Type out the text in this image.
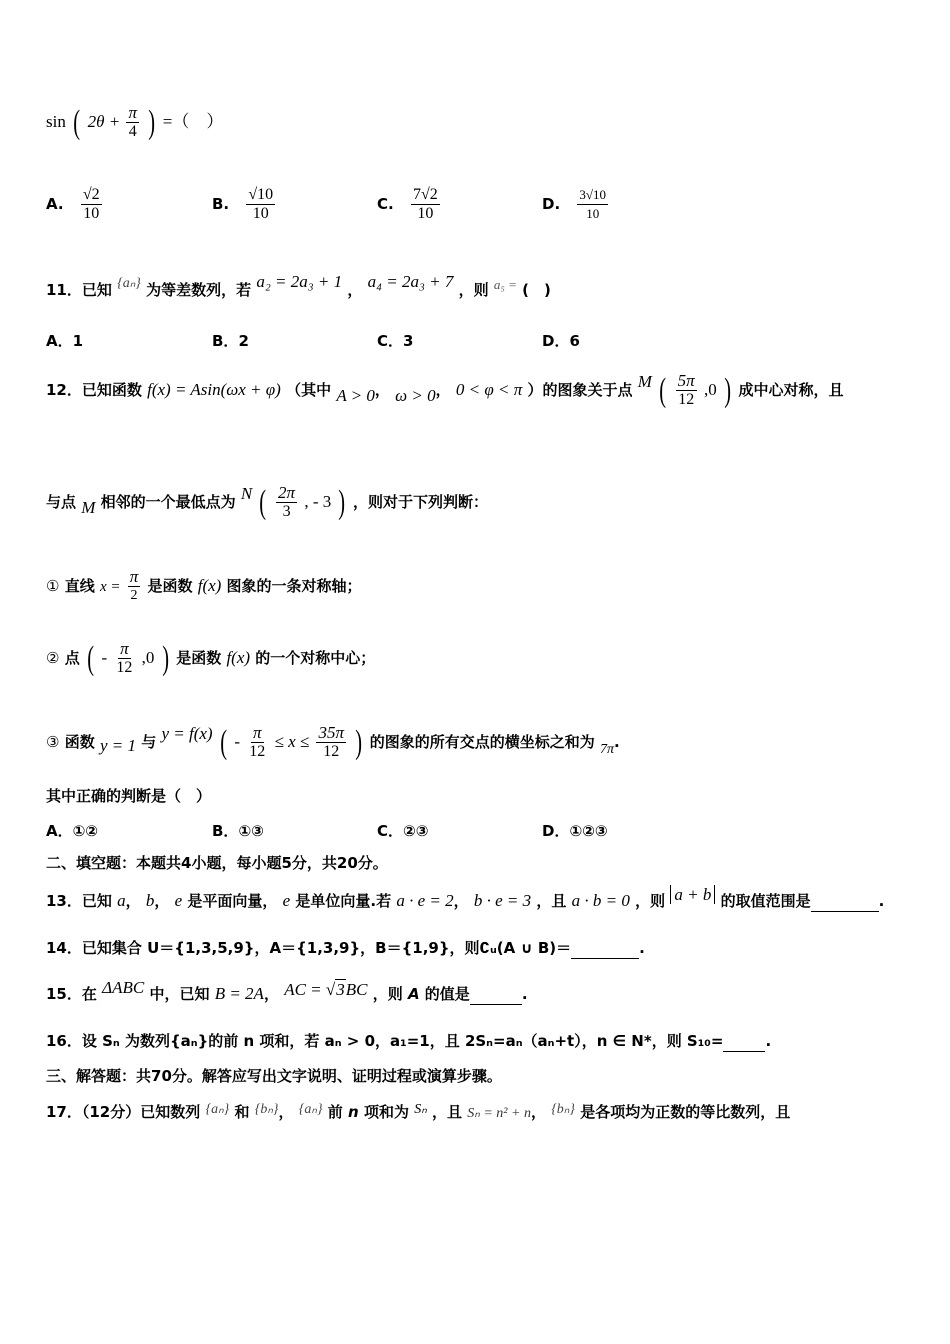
sin ( $2\theta + \frac{\pi}{4}$ ) =（　）
A. $\frac{√2}{10}$	B. $\frac{√10}{10}$	C. $\frac{7√2}{10}$	D. $\frac{3√10}{10}$
11．已知 {aₙ} 为等差数列，若 a₂ = 2a₃ + 1 ， a₄ = 2a₃ + 7 ，则 a₅ = (　)
A．1	B．2	C．3	D．6
12．已知函数 f(x) = Asin(ωx + φ) （其中 A > 0， ω > 0， 0 < φ < π ）的图象关于点 M ( $\frac{5\pi}{12} ,0$ ) 成中心对称，且
与点 M 相邻的一个最低点为 N ( $\frac{2\pi}{3}$ , - 3 ) ，则对于下列判断：
① 直线 $x = \frac{\pi}{2}$ 是函数 f(x) 图象的一条对称轴；
② 点 ( - $\frac{\pi}{12} ,0$ ) 是函数 f(x) 的一个对称中心；
③ 函数 y = 1 与 y = f(x) ( - $\frac{\pi}{12} \le x \le \frac{35\pi}{12}$ ) 的图象的所有交点的横坐标之和为 7π.
其中正确的判断是（　）
A．①②	B．①③	C．②③	D．①②③
二、填空题：本题共4小题，每小题5分，共20分。
13．已知 a， b， e 是平面向量， e 是单位向量.若 a · e = 2， b · e = 3 ，且 a · b = 0 ，则 a + b 的取值范围是	.
14．已知集合 U＝{1,3,5,9}，A＝{1,3,9}，B＝{1,9}，则∁ᵤ(A ∪ B)＝	.
15．在 ΔABC 中，已知 B = 2A， AC = √3BC ，则 A 的值是	.
16．设 Sₙ 为数列{aₙ}的前 n 项和，若 aₙ > 0，a₁=1，且 2Sₙ=aₙ（aₙ+t），n ∈ N*，则 S₁₀=	.
三、解答题：共70分。解答应写出文字说明、证明过程或演算步骤。
17．（12分）已知数列 {aₙ} 和 {bₙ}， {aₙ} 前 n 项和为 Sₙ ，且 Sₙ = n² + n， {bₙ} 是各项均为正数的等比数列，且
